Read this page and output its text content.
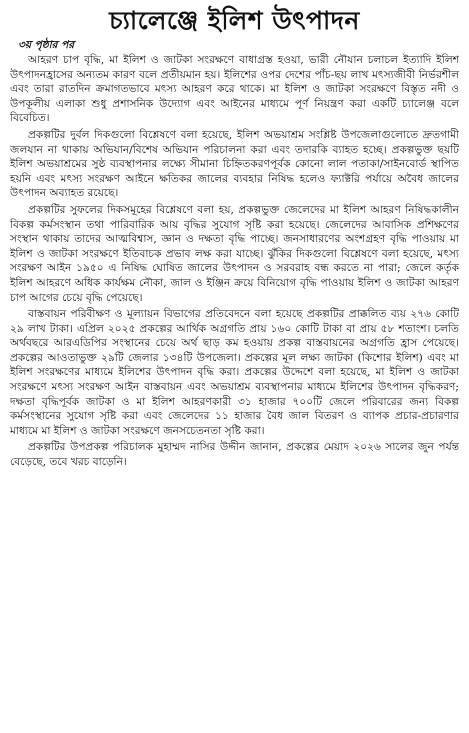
চ্যালেঞ্জে ইলিশ উৎপাদন
৩য় পৃষ্ঠার পর

আহরণ চাপ বৃদ্ধি, মা ইলিশ ও জাটকা সংরক্ষণে বাধাগ্রস্ত হওয়া, ভারী নৌযান চলাচল ইত্যাদি ইলিশ উৎপাদনহ্রাসের অন্যতম কারণ বলে প্রতীয়মান হয়। ইলিশের ওপর দেশের পাঁচ-ছয় লাখ মৎস্যজীবী নির্ভরশীল এবং তারা রাতদিন ক্রমাগতভাবে মৎস্য আহরণ করে থাকে। মা ইলিশ ও জাটকা সংরক্ষণে বিস্তৃত নদী ও উপকূলীয় এলাকা শুধু প্রশাসনিক উদ্যোগ এবং আইনের মাধ্যমে পূর্ণ নিয়ন্ত্রণ করা একটি চ্যালেঞ্জ বলে বিবেচিত।

প্রকল্পটির দুর্বল দিকগুলো বিশ্লেষণে বলা হয়েছে, ইলিশ অভয়াশ্রম সংশ্লিষ্ট উপজেলাগুলোতে দ্রুতগামী জলযান না থাকায় অভিযান/বিশেষ অভিযান পরিচালনা করা এবং তদারকি ব্যাহত হচ্ছে। প্রকল্পভুক্ত ছয়টি ইলিশ অভয়াশ্রমের সুষ্ঠ ব্যবস্থাপনার লক্ষ্যে সীমানা চিহ্নিতকরণপূর্বক কোনো লাল পতাকা/সাইনবোর্ড স্থাপিত হয়নি এবং মৎস্য সংরক্ষণ আইনে ক্ষতিকর জালের ব্যবহার নিষিদ্ধ হলেও ফ্যাক্টরি পর্যায়ে অবৈধ জালের উৎপাদন অব্যাহত রয়েছে।

প্রকল্পটির সুফলের দিকসমূহের বিশ্লেষণে বলা হয়, প্রকল্পভুক্ত জেলেদের মা ইলিশ আহরণ নিষিদ্ধকালীন বিকল্প কর্মসংস্থান তথা পারিবারিক আয় বৃদ্ধির সুযোগ সৃষ্টি করা হয়েছে। জেলেদের আবাসিক প্রশিক্ষণের সংস্থান থাকায় তাদের আত্মবিশ্বাস, জ্ঞান ও দক্ষতা বৃদ্ধি পাচ্ছে। জনসাধারণের অংশগ্রহণ বৃদ্ধি পাওয়ায় মা ইলিশ ও জাটকা সংরক্ষণে ইতিবাচক প্রভাব লক্ষ করা যাচ্ছে। ঝুঁকির দিকগুলো বিশ্লেষণে বলা হয়েছে, মৎস্য সংরক্ষণ আইন ১৯৫০ এ নিষিদ্ধ ঘোষিত জালের উৎপাদন ও সরবরাহ বন্ধ করতে না পারা; জেলে কর্তৃক ইলিশ আহরণে অধিক কার্যক্ষম নৌকা, জাল ও ইঞ্জিন ক্রয়ে বিনিয়োগ বৃদ্ধি পাওয়ায় ইলিশ ও জাটকা আহরণ চাপ আগের চেয়ে বৃদ্ধি পেয়েছে।

বাস্তবায়ন পরিবীক্ষণ ও মূল্যায়ন বিভাগের প্রতিবেদনে বলা হয়েছে প্রকল্পটির প্রাক্কলিত ব্যয় ২৭৬ কোটি ২৯ লাখ টাকা। এপ্রিল ২০২৫ প্রকল্পের আর্থিক অগ্রগতি প্রায় ১৬০ কোটি টাকা বা প্রায় ৫৮ শতাংশ। চলতি অর্থবছরে আরএডিপির সংস্থানের চেয়ে অর্থ ছাড় কম হওয়ায় প্রকল্প বাস্তবায়নের অগ্রগতি হ্রাস পেয়েছে। প্রকল্পের আওতাভুক্ত ২৯টি জেলার ১৩৪টি উপজেলা। প্রকল্পের মূল লক্ষ্য জাটকা (কিশোর ইলিশ) এবং মা ইলিশ সংরক্ষণের মাধ্যমে ইলিশের উৎপাদন বৃদ্ধি করা। প্রকল্পের উদ্দেশে বলা হয়েছে, মা ইলিশ ও জাটকা সংরক্ষণে মৎস্য সংরক্ষণ আইন বাস্তবায়ন এবং অভয়াশ্রম ব্যবস্থাপনার মাধ্যমে ইলিশের উৎপাদন বৃদ্ধিকরণ; দক্ষতা বৃদ্ধিপূর্বক জাটকা ও মা ইলিশ আহরণকারী ৩১ হাজার ৭০০টি জেলে পরিবারের জন্য বিকল্প কর্মসংস্থানের সুযোগ সৃষ্টি করা এবং জেলেদের ১১ হাজার বৈধ জাল বিতরণ ও ব্যাপক প্রচার-প্রচারণার মাধ্যমে মা ইলিশ ও জাটকা সংরক্ষণে জনসচেতনতা সৃষ্টি করা।

প্রকল্পটির উপপ্রকল্প পরিচালক মুহাম্মদ নাসির উদ্দীন জানান, প্রকল্পের মেয়াদ ২০২৬ সালের জুন পর্যন্ত বেড়েছে, তবে খরচ বাড়েনি।
